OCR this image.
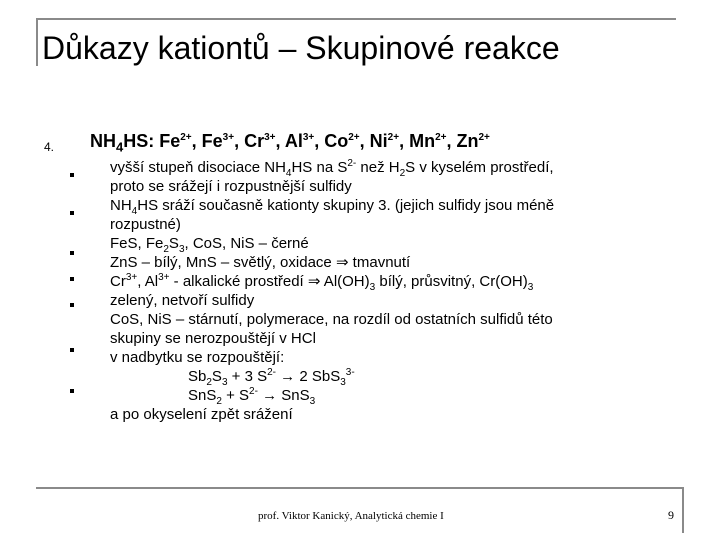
Důkazy kationtů – Skupinové reakce
4. $NH_4HS$: $Fe^{2+}$, $Fe^{3+}$, $Cr^{3+}$, $Al^{3+}$, $Co^{2+}$, $Ni^{2+}$, $Mn^{2+}$, $Zn^{2+}$
vyšší stupeň disociace $NH_4HS$ na $S^{2-}$ než $H_2S$ v kyselém prostředí,
proto se srážejí i rozpustnější sulfidy
$NH_4HS$ sráží současně kationty skupiny 3. (jejich sulfidy jsou méně
rozpustné)
FeS, $Fe_2S_3$, CoS, NiS – černé
ZnS – bílý, MnS – světlý, oxidace ⇒ tmavnutí
$Cr^{3+}$, $Al^{3+}$ - alkalické prostředí ⇒ $Al(OH)_3$ bílý, průsvitný, $Cr(OH)_3$
zelený, netvoří sulfidy
CoS, NiS – stárnutí, polymerace, na rozdíl od ostatních sulfidů této
skupiny se nerozpouštějí v HCl
v nadbytku se rozpouštějí:
$Sb_2S_3 + 3$ $S^{2-} \to 2$ SbS$_3^{3-}$
$SnS_2 + S^{2-} \to SnS_3$
a po okyselení zpět srážení
prof. Viktor Kanický, Analytická chemie I	9
